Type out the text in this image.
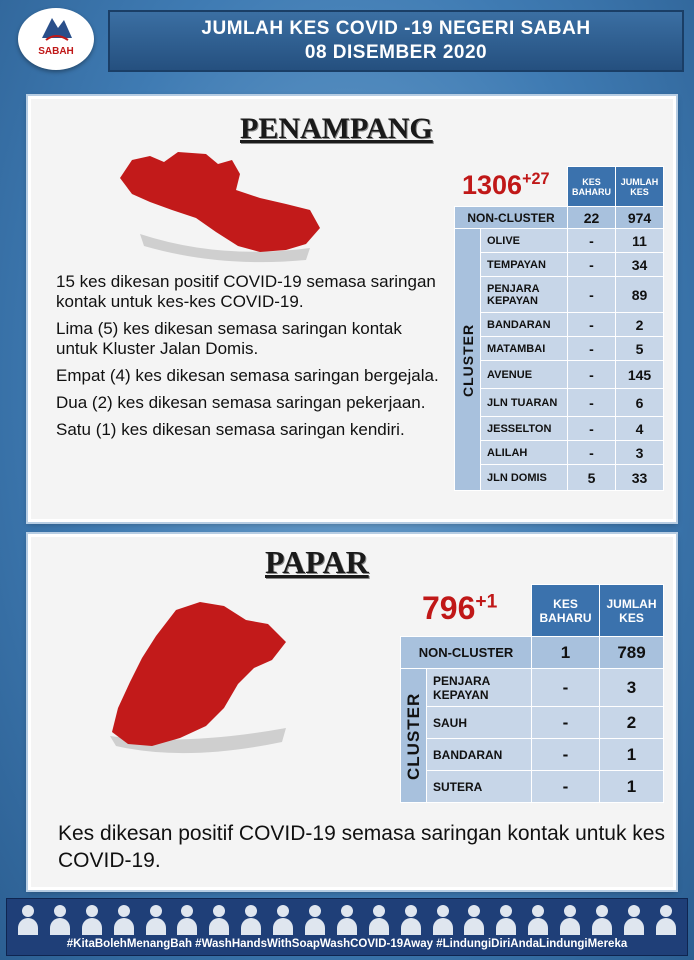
SABAH
JUMLAH KES COVID -19 NEGERI SABAH
08 DISEMBER 2020
PENAMPANG
$1306^{+27}$
		KES BAHARU	JUMLAH KES
NON-CLUSTER		22	974
CLUSTER	OLIVE	-	11
	TEMPAYAN	-	34
	PENJARA KEPAYAN	-	89
	BANDARAN	-	2
	MATAMBAI	-	5
	AVENUE	-	145
	JLN TUARAN	-	6
	JESSELTON	-	4
	ALILAH	-	3
	JLN DOMIS	5	33

15 kes dikesan positif COVID-19 semasa saringan kontak untuk kes-kes COVID-19.

Lima (5) kes dikesan semasa saringan kontak untuk Kluster Jalan Domis.

Empat (4) kes dikesan semasa saringan bergejala.

Dua (2) kes dikesan semasa saringan pekerjaan.

Satu (1) kes dikesan semasa saringan kendiri.

PAPAR
$796^{+1}$
		KES BAHARU	JUMLAH KES
NON-CLUSTER		1	789
CLUSTER	PENJARA KEPAYAN	-	3
	SAUH	-	2
	BANDARAN	-	1
	SUTERA	-	1
Kes dikesan positif COVID-19 semasa saringan kontak untuk kes COVID-19.
#KitaBolehMenangBah #WashHandsWithSoapWashCOVID-19Away #LindungiDiriAndaLindungiMereka
